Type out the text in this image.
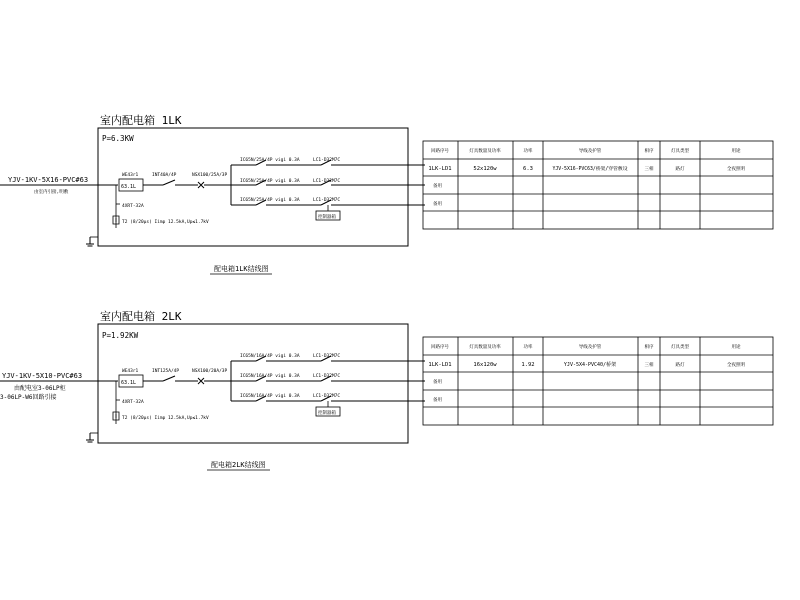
室内配电箱 1LK
P=6.3KW
YJV-1KV-5X16-PVC#63
由室内引接,明敷
WE43r1
63.1L
INT40A/4P	NSX100/25A/3P
IC65N/25A/4P vigi 0.3A	LC1-D32M7C
IC65N/25A/4P vigi 0.3A	LC1-D32M7C
IC65N/25A/4P vigi 0.3A	LC1-D32M7C
控制器箱
4XRT-32A
T2 (8/20μs) Iimp 12.5kA,Up≤1.7kV
配电箱1LK结线图
回路序号	灯具数量及功率	功率	导线及护管	相序	灯具类型	用途
1LK-LD1	52x120w	6.3	YJV-5X16-PVC63/桥架/穿管敷设	三相	路灯	全夜照明
备用
备用
室内配电箱 2LK
P=1.92KW
YJV-1KV-5X10-PVC#63
由配电室3-06LP柜
3-06LP-W6回路引接
WE43r1
63.1L
INT125A/4P	NSX100/20A/3P
IC65N/16A/4P vigi 0.3A	LC1-D32M7C
IC65N/16A/4P vigi 0.3A	LC1-D32M7C
IC65N/16A/4P vigi 0.3A	LC1-D32M7C
控制器箱
4XRT-32A
T2 (8/20μs) Iimp 12.5kA,Up≤1.7kV
配电箱2LK结线图
回路序号	灯具数量及功率	功率	导线及护管	相序	灯具类型	用途
1LK-LD1	16x120w	1.92	YJV-5X4-PVC40/桥架	三相	路灯	全夜照明
备用
备用
